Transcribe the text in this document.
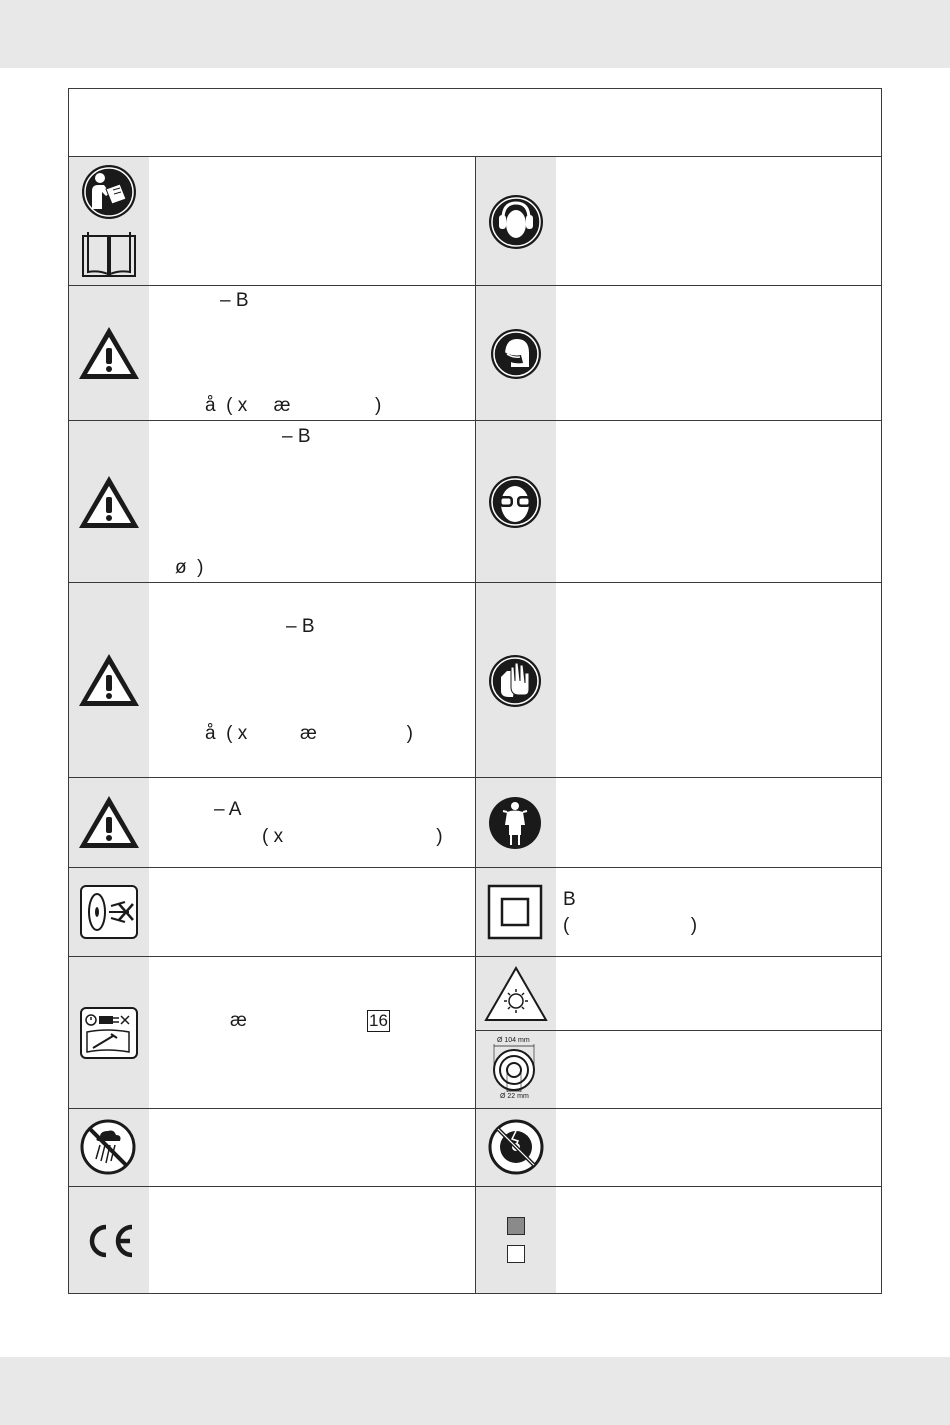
– B
å  ( x     æ                )
– B
ø  )
– B
å  ( x          æ                 )
– A
( x                             )
B
(                       )
æ	16
Ø 104 mm
Ø 22 mm
